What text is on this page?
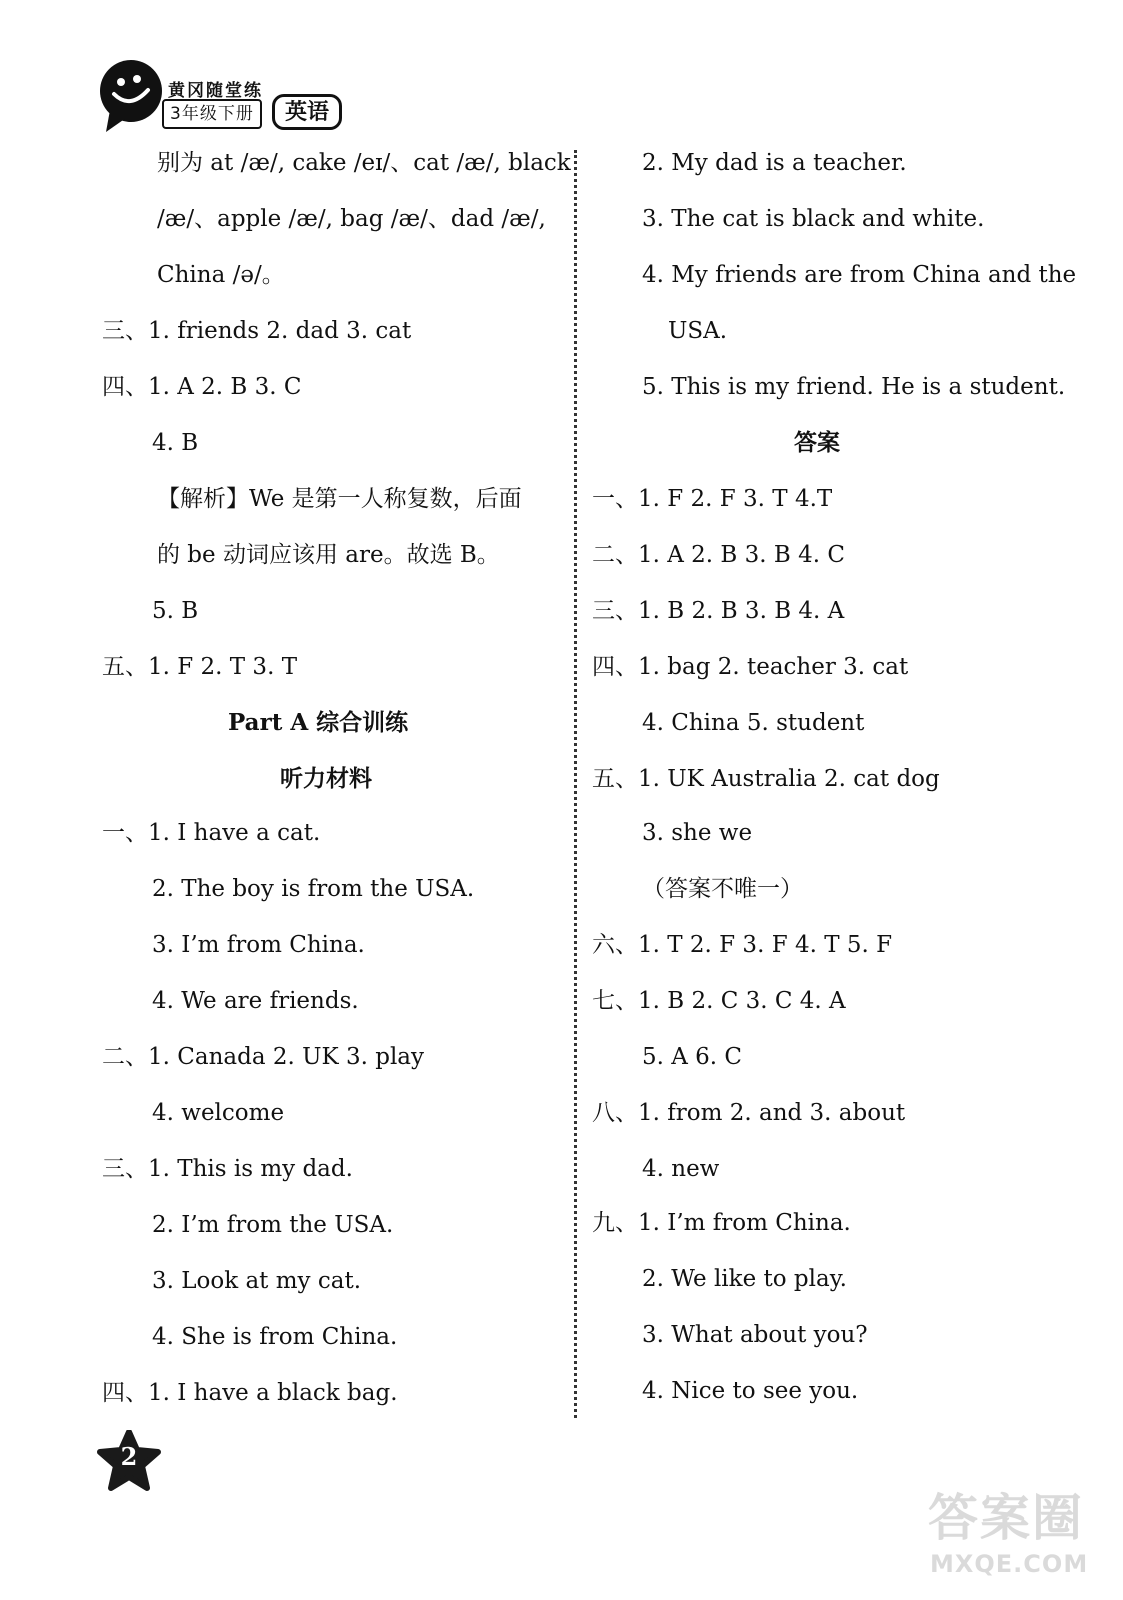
黄冈随堂练
3年级下册	英语
别为 at /æ/, cake /eɪ/、cat /æ/, black
/æ/、apple /æ/, bag /æ/、dad /æ/,
China /ə/。
三、1. friends 2. dad 3. cat
四、1. A 2. B 3. C
4. B
【解析】We 是第一人称复数，后面
的 be 动词应该用 are。故选 B。
5. B
五、1. F 2. T 3. T
Part A 综合训练
听力材料
一、1. I have a cat.
2. The boy is from the USA.
3. I’m from China.
4. We are friends.
二、1. Canada 2. UK 3. play
4. welcome
三、1. This is my dad.
2. I’m from the USA.
3. Look at my cat.
4. She is from China.
四、1. I have a black bag.
2. My dad is a teacher.
3. The cat is black and white.
4. My friends are from China and the
USA.
5. This is my friend. He is a student.
答案
一、1. F 2. F 3. T 4.T
二、1. A 2. B 3. B 4. C
三、1. B 2. B 3. B 4. A
四、1. bag 2. teacher 3. cat
4. China 5. student
五、1. UK Australia 2. cat dog
3. she we
（答案不唯一）
六、1. T 2. F 3. F 4. T 5. F
七、1. B 2. C 3. C 4. A
5. A 6. C
八、1. from 2. and 3. about
4. new
九、1. I’m from China.
2. We like to play.
3. What about you?
4. Nice to see you.
2
答案圈
MXQE.COM
